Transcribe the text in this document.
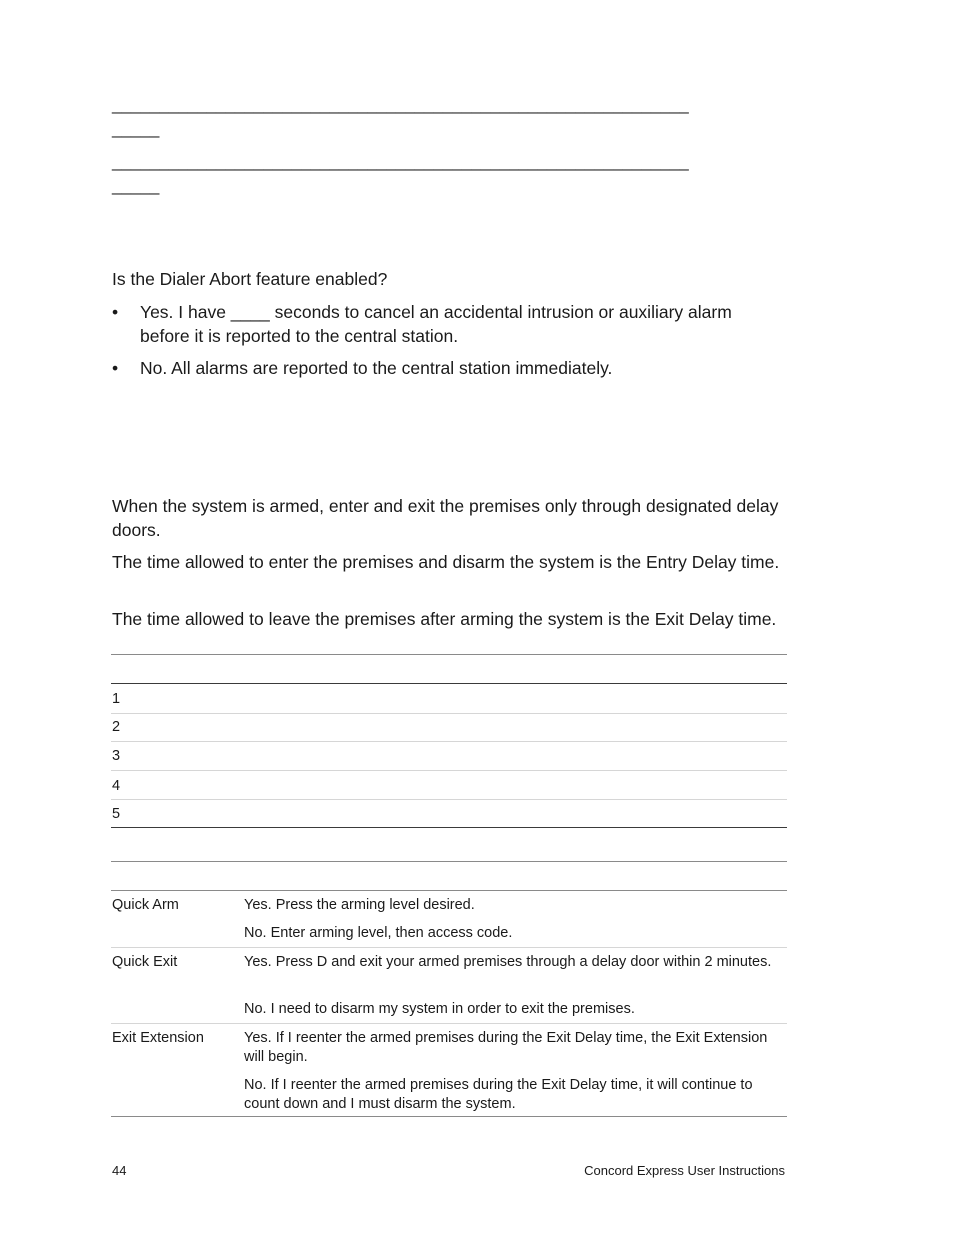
_____________________________________________________________
_____
_____________________________________________________________
_____
Is the Dialer Abort feature enabled?
• Yes. I have ____ seconds to cancel an accidental intrusion or auxiliary alarm before it is reported to the central station.
• No. All alarms are reported to the central station immediately.
When the system is armed, enter and exit the premises only through designated delay doors.
The time allowed to enter the premises and disarm the system is the Entry Delay time.
The time allowed to leave the premises after arming the system is the Exit Delay time.
1
2
3
4
5
Quick Arm	Yes. Press the arming level desired.
No. Enter arming level, then access code.
Quick Exit	Yes. Press D and exit your armed premises through a delay door within 2 minutes.
No. I need to disarm my system in order to exit the premises.
Exit Extension	Yes. If I reenter the armed premises during the Exit Delay time, the Exit Extension will begin.
No. If I reenter the armed premises during the Exit Delay time, it will continue to count down and I must disarm the system.
44	Concord Express User Instructions
